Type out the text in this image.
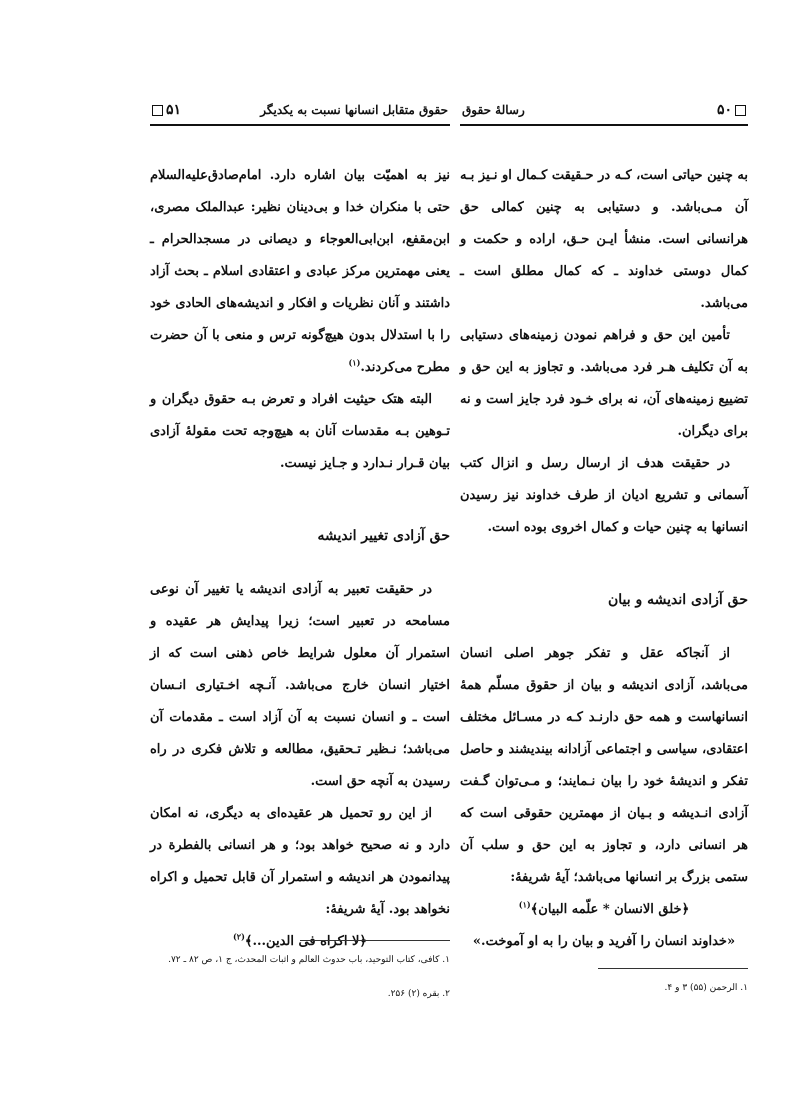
حقوق متقابل انسانها نسبت به یکدیگر
۵۱

نیز به اهمیّت بیان اشاره دارد. امام‌صادق‌علیه‌السلام حتی با منکران خدا و بی‌دینان نظیر: عبدالملک مصری، ابن‌مقفع، ابن‌ابی‌العوجاء و دیصانی در مسجدالحرام ـ یعنی مهمترین مرکز عبادی و اعتقادی اسلام ـ بحث آزاد داشتند و آنان نظریات و افکار و اندیشه‌های الحادی خود را با استدلال بدون هیچ‌گونه ترس و منعی با آن حضرت مطرح می‌کردند.$^{(۱)}$

البته هتک حیثیت افراد و تعرض بـه حقوق دیگران و تـوهین بـه مقدسات آنان به هیچ‌وجه تحت مقولهٔ آزادی بیان قـرار نـدارد و جـایز نیست.

حق آزادی تغییر اندیشه

در حقیقت تعبیر به آزادی اندیشه یا تغییر آن نوعی مسامحه در تعبیر است؛ زیرا پیدایش هر عقیده و استمرار آن معلول شرایط خاص ذهنی است که از اختیار انسان خارج می‌باشد. آنـچه اخـتیاری انـسان است ـ و انسان نسبت به آن آزاد است ـ مقدمات آن می‌باشد؛ نـظیر تـحقیق، مطالعه و تلاش فکری در راه رسیدن به آنچه حق است.

از این رو تحمیل هر عقیده‌ای به دیگری، نه امکان دارد و نه صحیح خواهد بود؛ و هر انسانی بالفطرة در پیدانمودن هر اندیشه و استمرار آن قابل تحمیل و اکراه نخواهد بود. آیهٔ شریفهٔ:

﴿لا اکراه فی الدین...﴾$^{(۲)}$

۱. کافی، کتاب التوحید، باب حدوث العالم و اثبات المحدث، ج ۱، ص ۸۲ ـ ۷۲.
۲. بقره (۲) ۲۵۶.
رسالهٔ حقوق	۵۰

به چنین حیاتی است، کـه در حـقیقت کـمال او نـیز بـه آن مـی‌باشد. و دستیابی به چنین کمالی حق هرانسانی است. منشأ ایـن حـق، اراده و حکمت و کمال دوستی خداوند ـ که کمال مطلق است ـ می‌باشد.

تأمین این حق و فراهم نمودن زمینه‌های دستیابی به آن تکلیف هـر فرد می‌باشد. و تجاوز به این حق و تضییع زمینه‌های آن، نه برای خـود فرد جایز است و نه برای دیگران.

در حقیقت هدف از ارسال رسل و انزال کتب آسمانی و تشریع ادیان از طرف خداوند نیز رسیدن انسانها به چنین حیات و کمال اخروی بوده است.

حق آزادی اندیشه و بیان

از آنجاکه عقل و تفکر جوهر اصلی انسان می‌باشد، آزادی اندیشه و بیان از حقوق مسلّم همهٔ انسانهاست و همه حق دارنـد کـه در مسـائل مختلف اعتقادی، سیاسی و اجتماعی آزادانه بیندیشند و حاصل تفکر و اندیشهٔ خود را بیان نـمایند؛ و مـی‌توان گـفت آزادی انـدیشه و بـیان از مهمترین حقوقی است که هر انسانی دارد، و تجاوز به این حق و سلب آن ستمی بزرگ بر انسانها می‌باشد؛ آیهٔ شریفهٔ:

﴿خلق الانسان * علّمه البیان﴾$^{(۱)}$

«خداوند انسان را آفرید و بیان را به او آموخت.»

۱. الرحمن (۵۵) ۳ و ۴.
